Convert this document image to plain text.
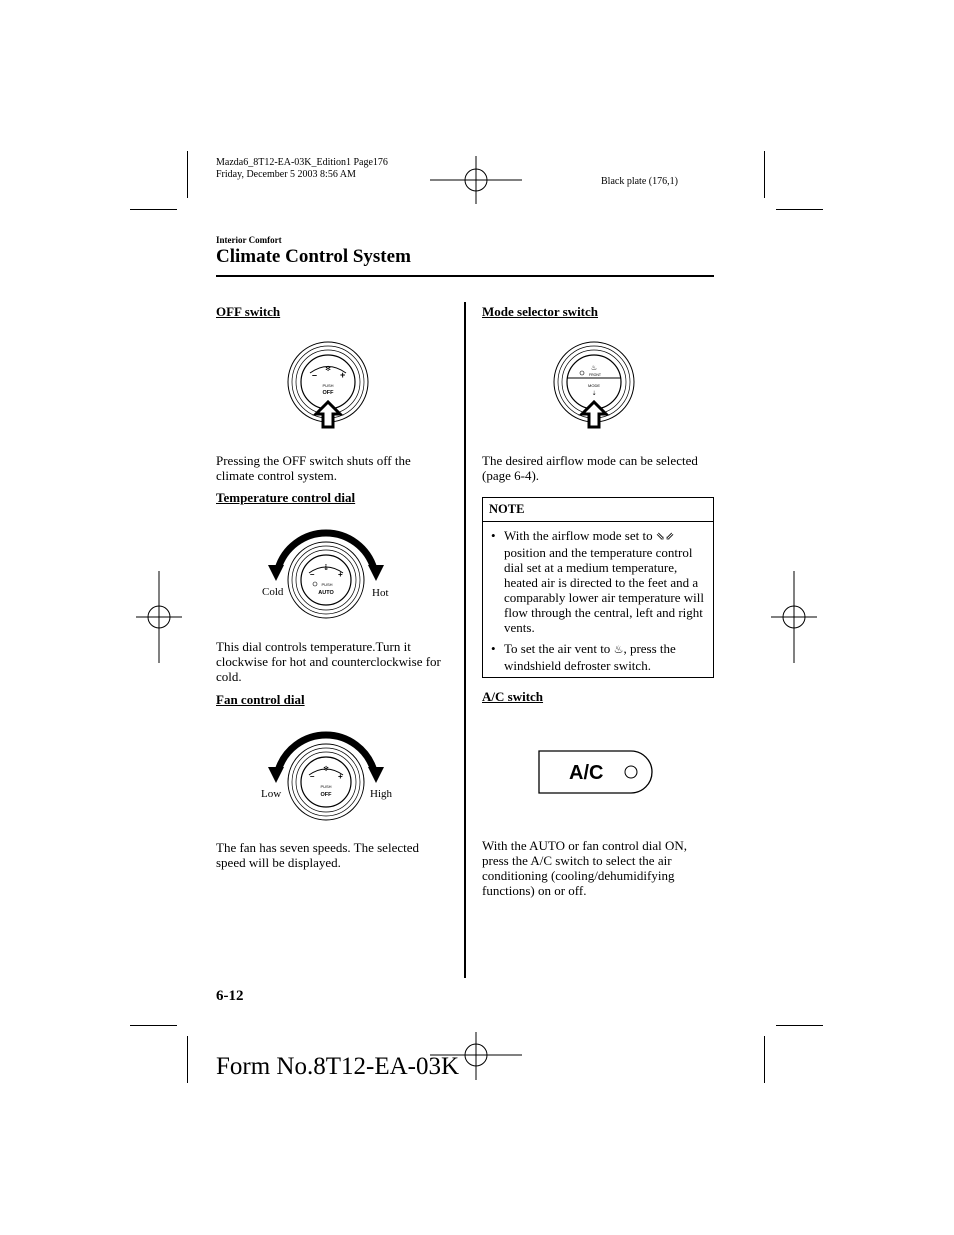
Mazda6_8T12-EA-03K_Edition1 Page176
Friday, December 5 2003 8:56 AM
Black plate (176,1)
Interior Comfort
Climate Control System
OFF switch
–	+
✻
PUSH
OFF
Pressing the OFF switch shuts off the climate control system.
Temperature control dial
–	+
🌡
PUSH
AUTO
Cold	Hot
This dial controls temperature.Turn it clockwise for hot and counterclockwise for cold.
Fan control dial
–	+
✻
PUSH
OFF
Low	High
The fan has seven speeds. The selected speed will be displayed.
Mode selector switch
♨
FRONT
MODE
⇣
The desired airflow mode can be selected (page 6-4).
NOTE
• With the airflow mode set to ⇘⇙ position and the temperature control dial set at a medium temperature, heated air is directed to the feet and a comparably lower air temperature will flow through the central, left and right vents.
• To set the air vent to ♨, press the windshield defroster switch.
A/C switch
A/C
With the AUTO or fan control dial ON, press the A/C switch to select the air conditioning (cooling/dehumidifying functions) on or off.
6-12
Form No.8T12-EA-03K
